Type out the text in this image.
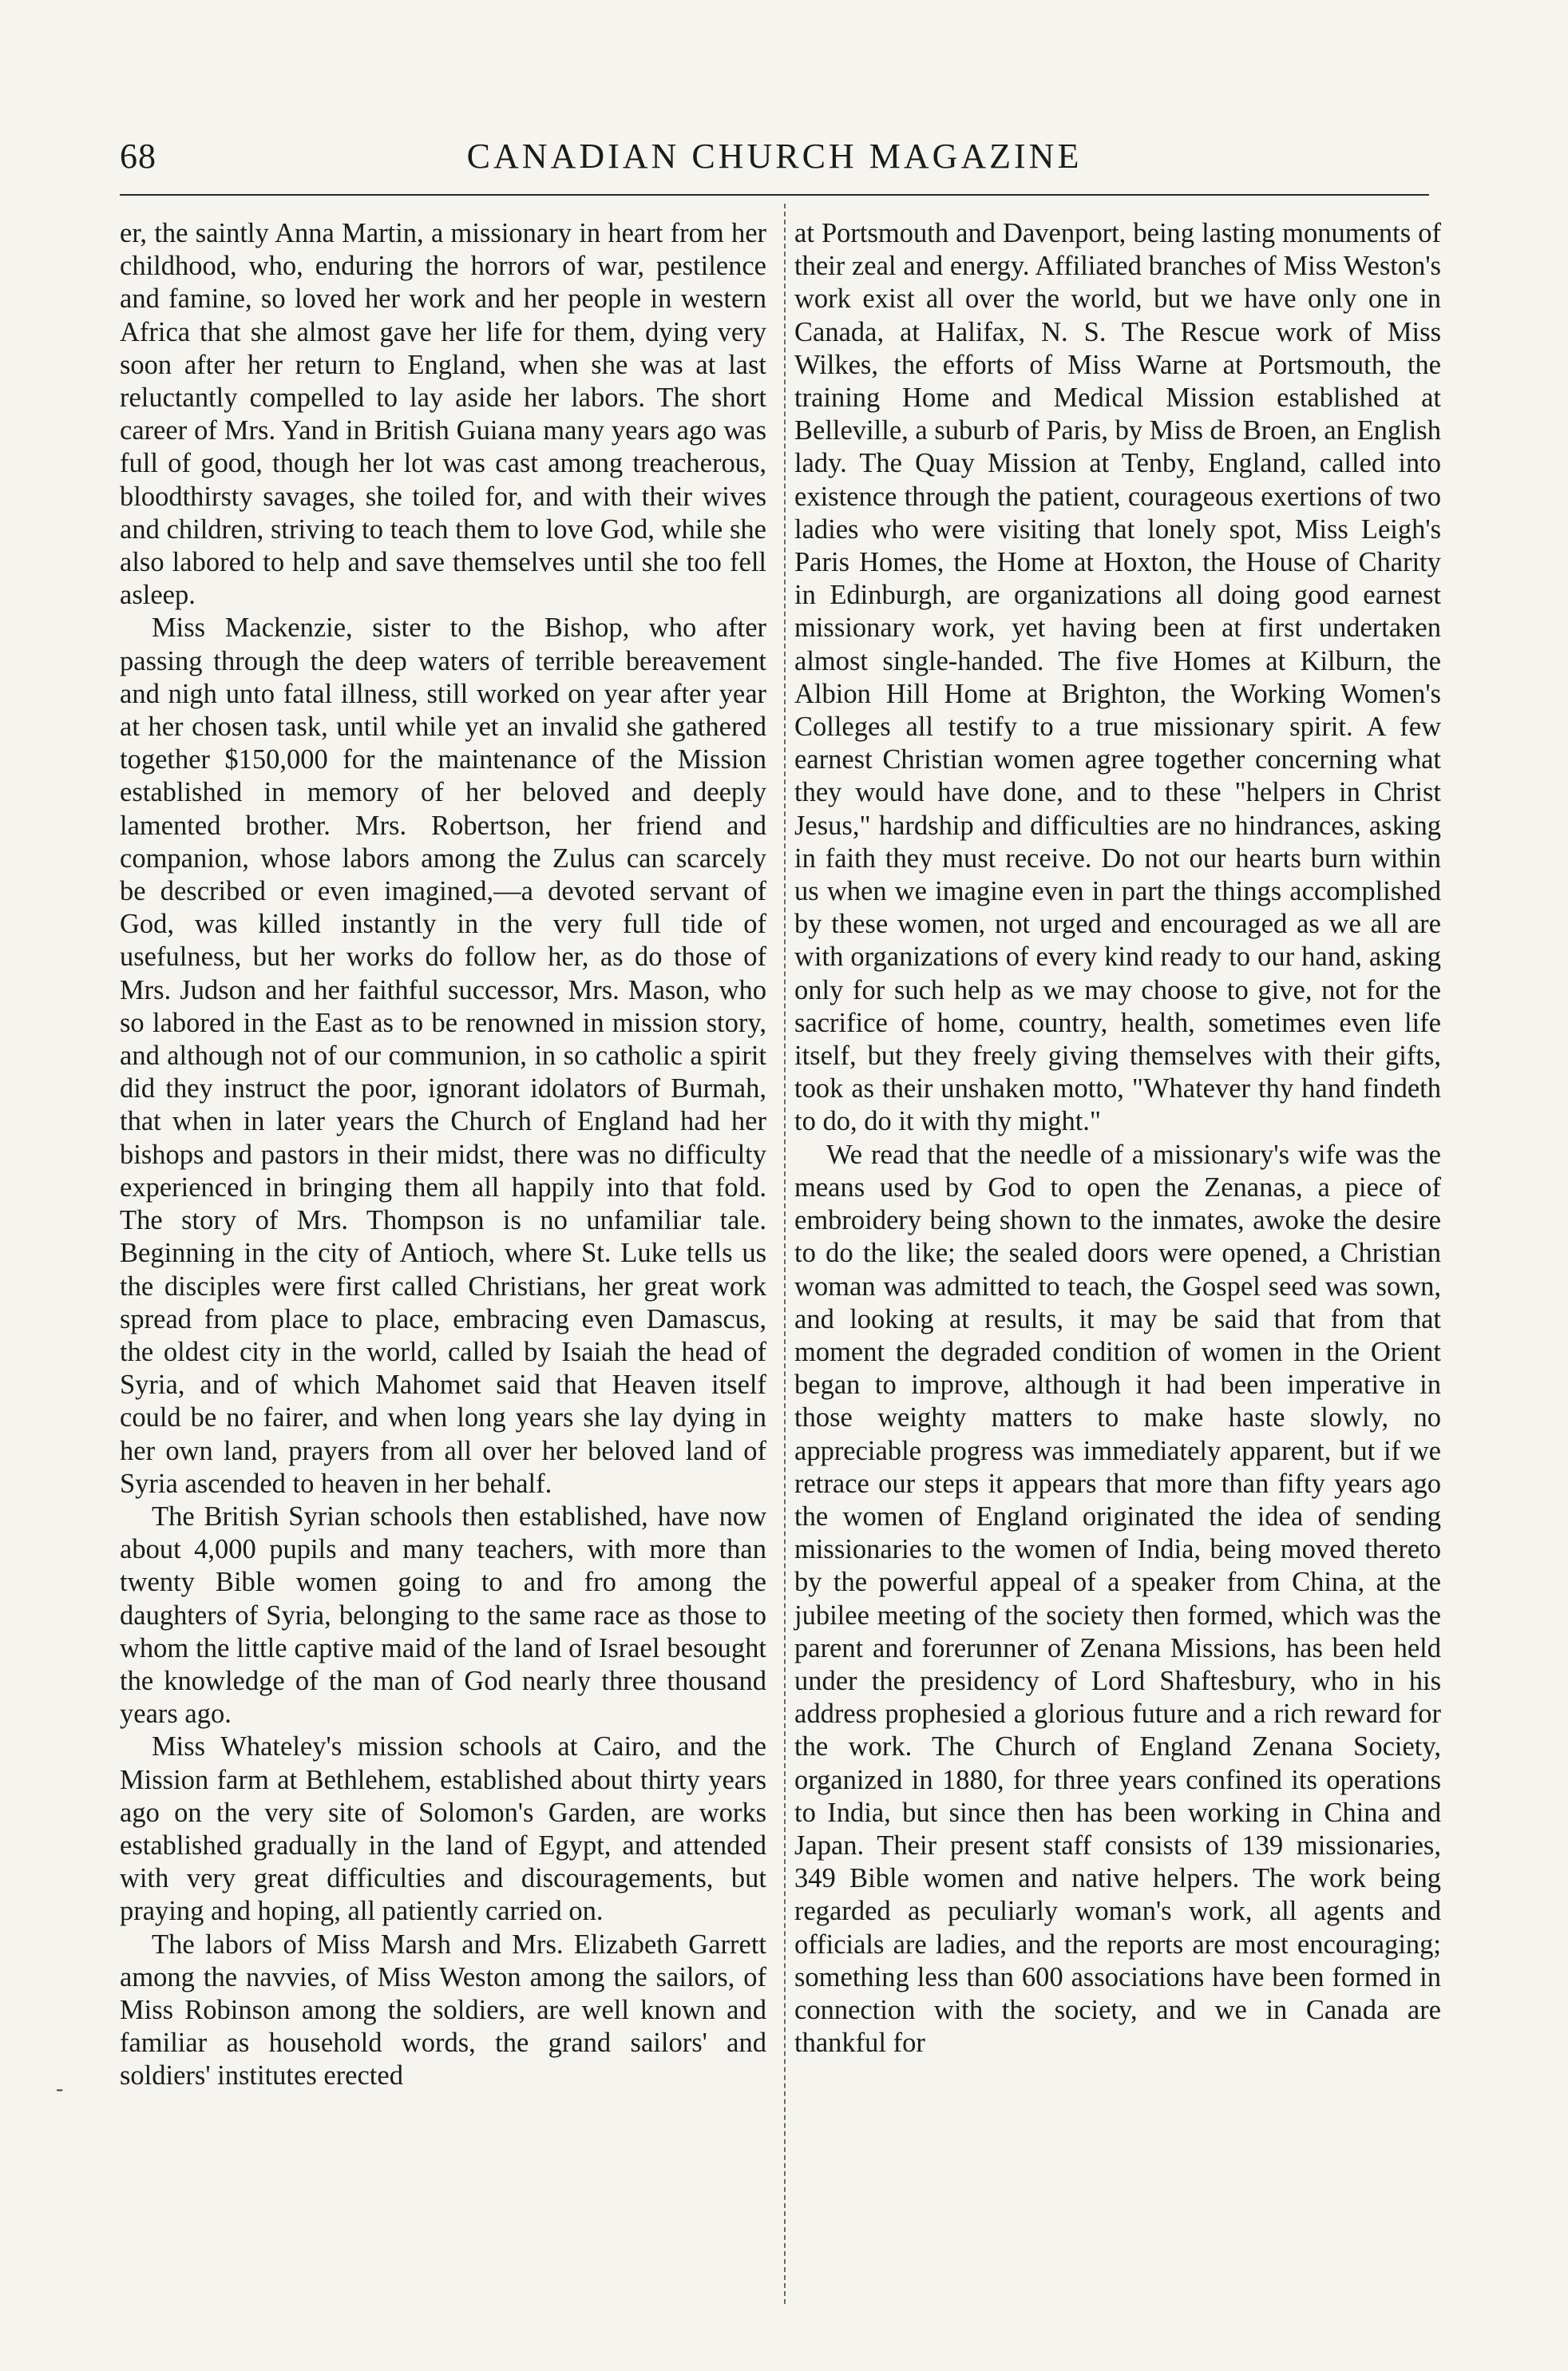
68	CANADIAN CHURCH MAGAZINE

er, the saintly Anna Martin, a missionary in heart from her childhood, who, enduring the horrors of war, pestilence and famine, so loved her work and her people in western Africa that she almost gave her life for them, dying very soon after her return to England, when she was at last reluctantly compelled to lay aside her labors. The short career of Mrs. Yand in British Guiana many years ago was full of good, though her lot was cast among treacherous, bloodthirsty savages, she toiled for, and with their wives and children, striving to teach them to love God, while she also labored to help and save themselves until she too fell asleep.

Miss Mackenzie, sister to the Bishop, who after passing through the deep waters of terrible bereavement and nigh unto fatal illness, still worked on year after year at her chosen task, until while yet an invalid she gathered together $150,000 for the maintenance of the Mission established in memory of her beloved and deeply lamented brother. Mrs. Robertson, her friend and companion, whose labors among the Zulus can scarcely be described or even imagined,—a devoted servant of God, was killed instantly in the very full tide of usefulness, but her works do follow her, as do those of Mrs. Judson and her faithful successor, Mrs. Mason, who so labored in the East as to be renowned in mission story, and although not of our communion, in so catholic a spirit did they instruct the poor, ignorant idolators of Burmah, that when in later years the Church of England had her bishops and pastors in their midst, there was no difficulty experienced in bringing them all happily into that fold. The story of Mrs. Thompson is no unfamiliar tale. Beginning in the city of Antioch, where St. Luke tells us the disciples were first called Christians, her great work spread from place to place, embracing even Damascus, the oldest city in the world, called by Isaiah the head of Syria, and of which Mahomet said that Heaven itself could be no fairer, and when long years she lay dying in her own land, prayers from all over her beloved land of Syria ascended to heaven in her behalf.

The British Syrian schools then established, have now about 4,000 pupils and many teachers, with more than twenty Bible women going to and fro among the daughters of Syria, belonging to the same race as those to whom the little captive maid of the land of Israel besought the knowledge of the man of God nearly three thousand years ago.

Miss Whateley's mission schools at Cairo, and the Mission farm at Bethlehem, established about thirty years ago on the very site of Solomon's Garden, are works established gradually in the land of Egypt, and attended with very great difficulties and discouragements, but praying and hoping, all patiently carried on.

The labors of Miss Marsh and Mrs. Elizabeth Garrett among the navvies, of Miss Weston among the sailors, of Miss Robinson among the soldiers, are well known and familiar as household words, the grand sailors' and soldiers' institutes erected

at Portsmouth and Davenport, being lasting monuments of their zeal and energy. Affiliated branches of Miss Weston's work exist all over the world, but we have only one in Canada, at Halifax, N. S. The Rescue work of Miss Wilkes, the efforts of Miss Warne at Portsmouth, the training Home and Medical Mission established at Belleville, a suburb of Paris, by Miss de Broen, an English lady. The Quay Mission at Tenby, England, called into existence through the patient, courageous exertions of two ladies who were visiting that lonely spot, Miss Leigh's Paris Homes, the Home at Hoxton, the House of Charity in Edinburgh, are organizations all doing good earnest missionary work, yet having been at first undertaken almost single-handed. The five Homes at Kilburn, the Albion Hill Home at Brighton, the Working Women's Colleges all testify to a true missionary spirit. A few earnest Christian women agree together concerning what they would have done, and to these "helpers in Christ Jesus," hardship and difficulties are no hindrances, asking in faith they must receive. Do not our hearts burn within us when we imagine even in part the things accomplished by these women, not urged and encouraged as we all are with organizations of every kind ready to our hand, asking only for such help as we may choose to give, not for the sacrifice of home, country, health, sometimes even life itself, but they freely giving themselves with their gifts, took as their unshaken motto, "Whatever thy hand findeth to do, do it with thy might."

We read that the needle of a missionary's wife was the means used by God to open the Zenanas, a piece of embroidery being shown to the inmates, awoke the desire to do the like; the sealed doors were opened, a Christian woman was admitted to teach, the Gospel seed was sown, and looking at results, it may be said that from that moment the degraded condition of women in the Orient began to improve, although it had been imperative in those weighty matters to make haste slowly, no appreciable progress was immediately apparent, but if we retrace our steps it appears that more than fifty years ago the women of England originated the idea of sending missionaries to the women of India, being moved thereto by the powerful appeal of a speaker from China, at the jubilee meeting of the society then formed, which was the parent and forerunner of Zenana Missions, has been held under the presidency of Lord Shaftesbury, who in his address prophesied a glorious future and a rich reward for the work. The Church of England Zenana Society, organized in 1880, for three years confined its operations to India, but since then has been working in China and Japan. Their present staff consists of 139 missionaries, 349 Bible women and native helpers. The work being regarded as peculiarly woman's work, all agents and officials are ladies, and the reports are most encouraging; something less than 600 associations have been formed in connection with the society, and we in Canada are thankful for

-
